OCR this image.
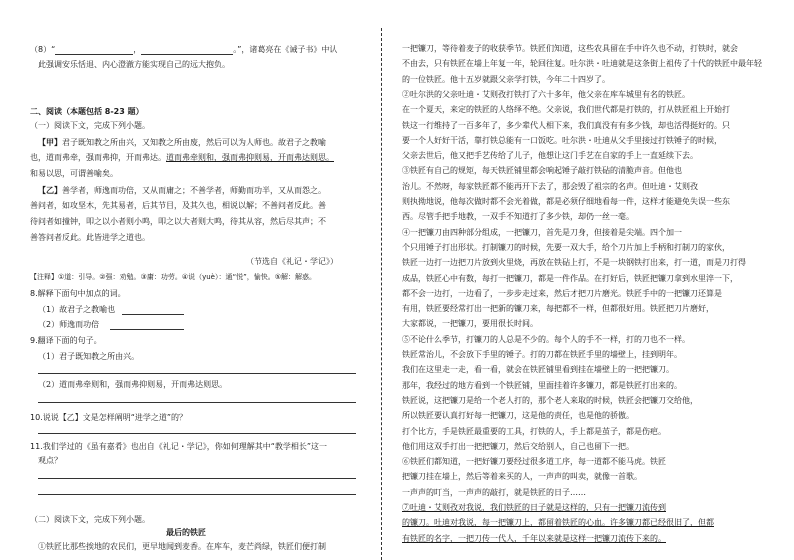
（8）“	，	。”，诸葛亮在《诫子书》中认
此强调安乐恬退、内心澄澈方能实现自己的远大抱负。
二、阅读（本题包括 8-23 题）
（一）阅读下文，完成下列小题。
【甲】君子既知教之所由兴，又知教之所由废，然后可以为人师也。故君子之教喻
也，道而弗牵，强而弗抑，开而弗达。道而弗牵则和，强而弗抑则易，开而弗达则思。
和易以思，可谓善喻矣。
【乙】善学者，师逸而功倍，又从而庸之；不善学者，师勤而功半，又从而怨之。
善问者，如攻坚木，先其易者，后其节目，及其久也，相说以解；不善问者反此。善
待问者如撞钟，叩之以小者则小鸣，叩之以大者则大鸣，待其从容，然后尽其声；不
善答问者反此。此皆进学之道也。
（节选自《礼记・学记》）
【注释】①道：引导。②强：劝勉。③庸：功劳。④说（yuè）：通“悦”，愉快。⑤解：解惑。
8.解释下面句中加点的词。
（1）故君子之教喻也
（2）师逸而功倍
9.翻译下面的句子。
（1）君子既知教之所由兴。
（2）道而弗牵则和，强而弗抑则易，开而弗达则思。
10.说说【乙】文是怎样阐明“进学之道”的？
11.我们学过的《虽有嘉肴》也出自《礼记・学记》，你如何理解其中“教学相长”这一
观点？
（二）阅读下文，完成下列小题。
最后的铁匠
①铁匠比那些挨地的农民们，更早地闻到麦香。在库车，麦芒尚绿，铁匠们便打制
一把镰刀，等待着麦子的收获季节。铁匠们知道，这些农具留在手中许久也不动，打铁时，就会
不由去，只有铁匠在墙上年复一年，轮回往复。吐尔洪・吐迪就是这条街上祖传了十代的铁匠中最年轻
的一位铁匠。他十五岁就跟父亲学打铁，今年二十四岁了。
②吐尔洪的父亲吐迪・艾则孜打铁打了六十多年，他父亲在库车城里有名的铁匠。
在一个夏天，来定的铁匠的人络绎不绝。父亲说，我们世代都是打铁的，打从铁匠祖上开始打
铁这一行维持了一百多年了，多少辈代人相下来，我们真没有有多少钱，却也活得挺好的。只
要一个人好好干活，靠打铁总能有一口饭吃。吐尔洪・吐迪从父手里接过打铁锤子的时候，
父亲去世后，他又把手艺传给了儿子，他想让这门手艺在自家的手上一直延续下去。
③铁匠有自己的规矩，每天铁匠铺里都会响起锤子敲打铁砧的清脆声音。但他也
治儿。不然呀，每家铁匠都不能再开下去了，那会毁了祖宗的名声。但吐迪・艾则孜
则执拗地说，他每次做时都不会光着做，都是必须仔细地看每一件，这样才能避免失误一些东
西。尽管手把手地教，一双手不知道打了多少铁，却仍一丝一毫。
④一把镰刀由四种部分组成，一把镰刀，首先是刀身，但接着是尖端。四个加一
个只用锤子打出形状。打制镰刀的时候，先要一双大手，给个刀片加上手柄和打制刀的家伙，
铁匠一边打一边把刀片放到火里烧，再放在铁砧上打，不是一块钢铁打出来，打一道，而是刀打得
成品，铁匠心中有数，每打一把镰刀，都是一件作品。在打好后，铁匠把镰刀拿到水里淬一下，
都不会一边打，一边看了，一步步走过来，然后才把刀片磨光。铁匠手中的一把镰刀还算是
有用，铁匠要经常打出一把新的镰刀来，每把都不一样，但都很好用。铁匠把刀片磨好，
大家都说，一把镰刀，要用很长时间。
⑤不论什么季节，打镰刀的人总是不少的。每个人的手不一样，打的刀也不一样。
铁匠常治儿，不会放下手里的锤子。打的刀都在铁匠手里的墙壁上，挂到明年。
我们在这里走一走，看一看，就会在铁匠铺里看到挂在墙壁上的一把把镰刀。
那年，我经过的地方看到一个铁匠铺，里面挂着许多镰刀，都是铁匠打出来的。
铁匠说，这把镰刀是给一个老人打的，那个老人来取的时候，铁匠会把镰刀交给他，
所以铁匠要认真打好每一把镰刀，这是他的责任，也是他的骄傲。
打个比方，手是铁匠最重要的工具，打铁的人，手上都是茧子，都是伤疤。
他们用这双手打出一把把镰刀，然后交给别人，自己也留下一把。
⑥铁匠们都知道，一把好镰刀要经过很多道工序，每一道都不能马虎。铁匠
把镰刀挂在墙上，然后等着来买的人，一声声的叫卖，就像一首歌。
一声声的叮当，一声声的敲打，就是铁匠的日子……
⑦吐迪・艾则孜对我说，我们铁匠的日子就是这样的，只有一把镰刀流传到
的镰刀。吐迪对我说，每一把镰刀上，都留着铁匠的心血。许多镰刀都已经很旧了，但都
有铁匠的名字，一把刀传一代人，千年以来就是这样一把镰刀流传下来的。
